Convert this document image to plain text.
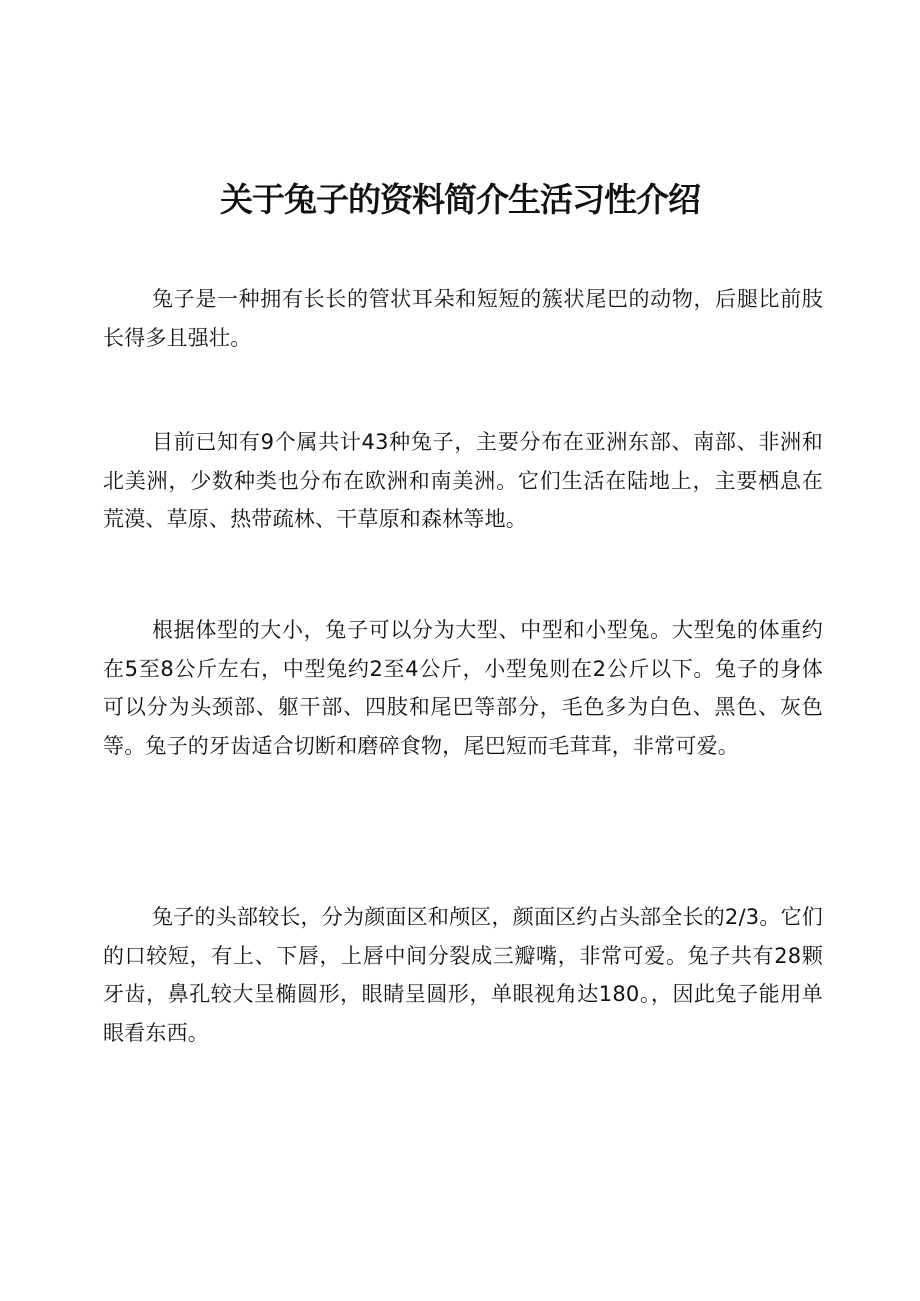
关于兔子的资料简介生活习性介绍

兔子是一种拥有长长的管状耳朵和短短的簇状尾巴的动物，后腿比前肢长得多且强壮。

目前已知有9个属共计43种兔子，主要分布在亚洲东部、南部、非洲和北美洲，少数种类也分布在欧洲和南美洲。它们生活在陆地上，主要栖息在荒漠、草原、热带疏林、干草原和森林等地。

根据体型的大小，兔子可以分为大型、中型和小型兔。大型兔的体重约在5至8公斤左右，中型兔约2至4公斤，小型兔则在2公斤以下。兔子的身体可以分为头颈部、躯干部、四肢和尾巴等部分，毛色多为白色、黑色、灰色等。兔子的牙齿适合切断和磨碎食物，尾巴短而毛茸茸，非常可爱。

兔子的头部较长，分为颜面区和颅区，颜面区约占头部全长的2/3。它们的口较短，有上、下唇，上唇中间分裂成三瓣嘴，非常可爱。兔子共有28颗牙齿，鼻孔较大呈椭圆形，眼睛呈圆形，单眼视角达180。，因此兔子能用单眼看东西。
